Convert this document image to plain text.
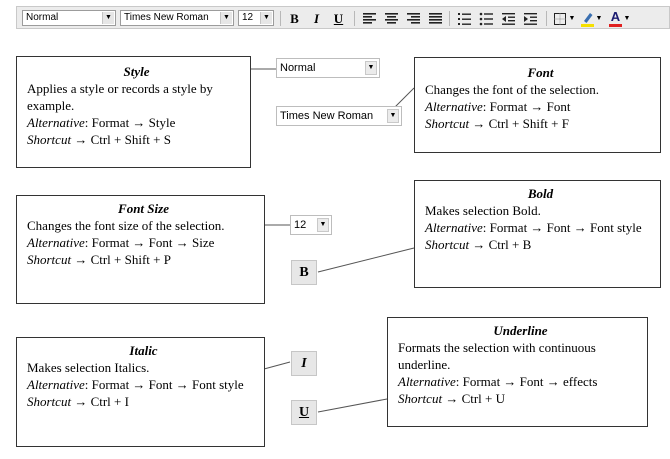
Normal	▼	Times New Roman	▼	12	▼	B	I	U	▼	▼ A ▼
Normal	▼
Times New Roman	▼
12	▼
B
I
U
Style

Applies a style or records a style by example.

Alternative: Format → Style

Shortcut → Ctrl + Shift + S

Font

Changes the font of the selection.

Alternative: Format → Font

Shortcut → Ctrl + Shift + F

Font Size

Changes the font size of the selection.

Alternative: Format → Font → Size

Shortcut → Ctrl + Shift + P

Bold

Makes selection Bold.

Alternative: Format → Font → Font style

Shortcut → Ctrl + B

Italic

Makes selection Italics.

Alternative: Format → Font → Font style

Shortcut → Ctrl + I

Underline

Formats the selection with continuous underline.

Alternative: Format → Font → effects

Shortcut → Ctrl + U
